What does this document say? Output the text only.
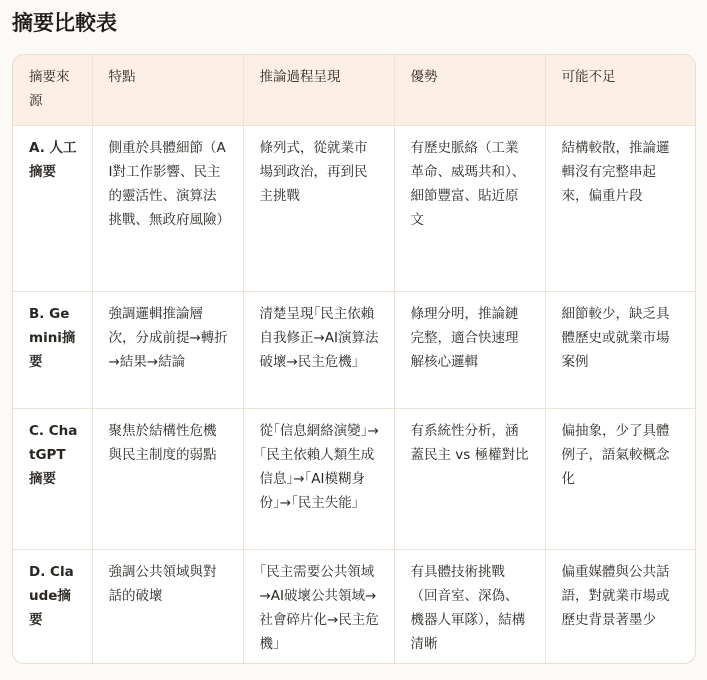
摘要比較表
摘要來源	特點	推論過程呈現	優勢	可能不足
A. 人工摘要	側重於具體細節（AI對工作影響、民主的靈活性、演算法挑戰、無政府風險）	條列式，從就業市場到政治，再到民主挑戰	有歷史脈絡（工業革命、威瑪共和）、細節豐富、貼近原文	結構較散，推論邏輯沒有完整串起來，偏重片段
B. Gemini摘要	強調邏輯推論層次，分成前提→轉折→結果→結論	清楚呈現｢民主依賴自我修正→AI演算法破壞→民主危機｣	條理分明，推論鏈完整，適合快速理解核心邏輯	細節較少，缺乏具體歷史或就業市場案例
C. ChatGPT摘要	聚焦於結構性危機與民主制度的弱點	從｢信息網絡演變｣→｢民主依賴人類生成信息｣→｢AI模糊身份｣→｢民主失能｣	有系統性分析，涵蓋民主 vs 極權對比	偏抽象，少了具體例子，語氣較概念化
D. Claude摘要	強調公共領域與對話的破壞	｢民主需要公共領域→AI破壞公共領域→社會碎片化→民主危機｣	有具體技術挑戰（回音室、深偽、機器人軍隊），結構清晰	偏重媒體與公共話語，對就業市場或歷史背景著墨少
